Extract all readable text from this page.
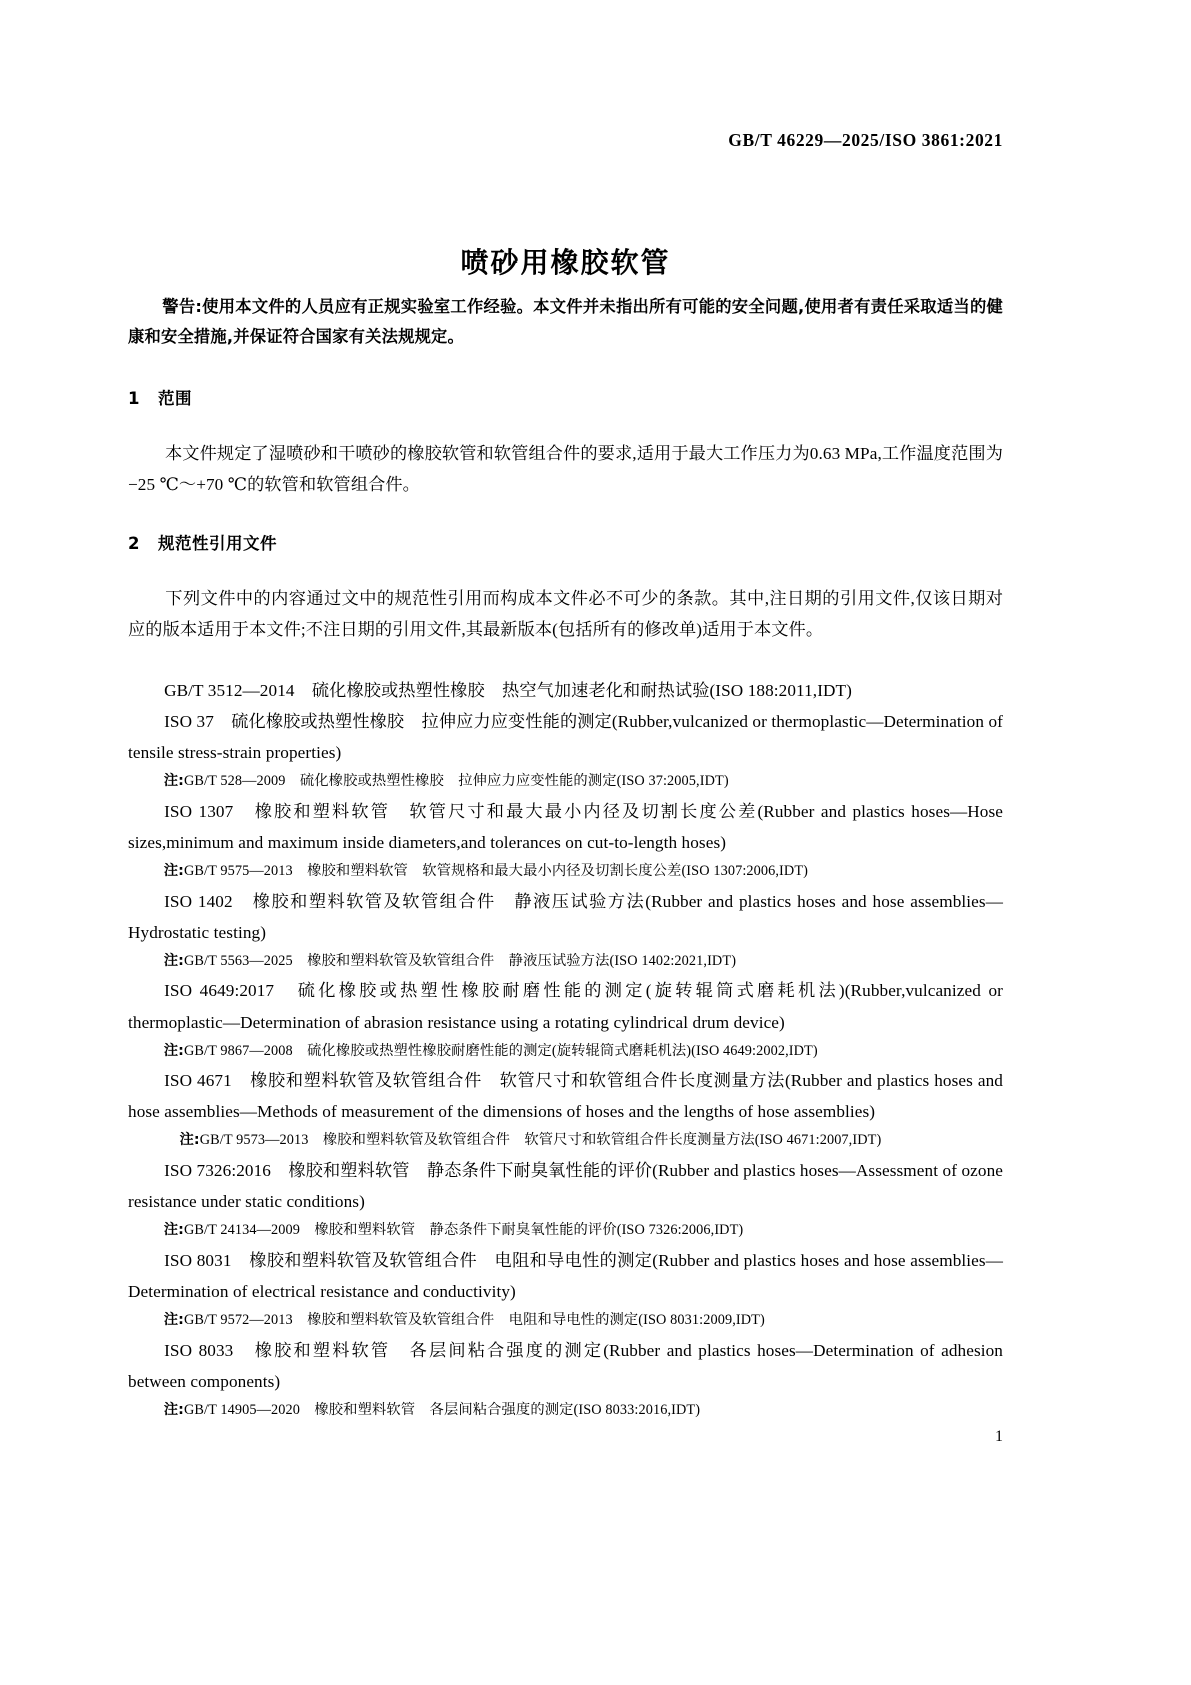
GB/T 46229—2025/ISO 3861:2021
喷砂用橡胶软管
警告:使用本文件的人员应有正规实验室工作经验。本文件并未指出所有可能的安全问题,使用者有责任采取适当的健康和安全措施,并保证符合国家有关法规规定。
1 范围
本文件规定了湿喷砂和干喷砂的橡胶软管和软管组合件的要求,适用于最大工作压力为0.63 MPa,工作温度范围为−25 ℃～+70 ℃的软管和软管组合件。
2 规范性引用文件
下列文件中的内容通过文中的规范性引用而构成本文件必不可少的条款。其中,注日期的引用文件,仅该日期对应的版本适用于本文件;不注日期的引用文件,其最新版本(包括所有的修改单)适用于本文件。
GB/T 3512—2014　硫化橡胶或热塑性橡胶　热空气加速老化和耐热试验(ISO 188:2011,IDT)
ISO 37　硫化橡胶或热塑性橡胶　拉伸应力应变性能的测定(Rubber,vulcanized or thermoplastic—Determination of tensile stress-strain properties)
注:GB/T 528—2009　硫化橡胶或热塑性橡胶　拉伸应力应变性能的测定(ISO 37:2005,IDT)
ISO 1307　橡胶和塑料软管　软管尺寸和最大最小内径及切割长度公差(Rubber and plastics hoses—Hose sizes,minimum and maximum inside diameters,and tolerances on cut-to-length hoses)
注:GB/T 9575—2013　橡胶和塑料软管　软管规格和最大最小内径及切割长度公差(ISO 1307:2006,IDT)
ISO 1402　橡胶和塑料软管及软管组合件　静液压试验方法(Rubber and plastics hoses and hose assemblies—Hydrostatic testing)
注:GB/T 5563—2025　橡胶和塑料软管及软管组合件　静液压试验方法(ISO 1402:2021,IDT)
ISO 4649:2017　硫化橡胶或热塑性橡胶耐磨性能的测定(旋转辊筒式磨耗机法)(Rubber,vulcanized or thermoplastic—Determination of abrasion resistance using a rotating cylindrical drum device)
注:GB/T 9867—2008　硫化橡胶或热塑性橡胶耐磨性能的测定(旋转辊筒式磨耗机法)(ISO 4649:2002,IDT)
ISO 4671　橡胶和塑料软管及软管组合件　软管尺寸和软管组合件长度测量方法(Rubber and plastics hoses and hose assemblies—Methods of measurement of the dimensions of hoses and the lengths of hose assemblies)
注:GB/T 9573—2013　橡胶和塑料软管及软管组合件　软管尺寸和软管组合件长度测量方法(ISO 4671:2007,IDT)
ISO 7326:2016　橡胶和塑料软管　静态条件下耐臭氧性能的评价(Rubber and plastics hoses—Assessment of ozone resistance under static conditions)
注:GB/T 24134—2009　橡胶和塑料软管　静态条件下耐臭氧性能的评价(ISO 7326:2006,IDT)
ISO 8031　橡胶和塑料软管及软管组合件　电阻和导电性的测定(Rubber and plastics hoses and hose assemblies—Determination of electrical resistance and conductivity)
注:GB/T 9572—2013　橡胶和塑料软管及软管组合件　电阻和导电性的测定(ISO 8031:2009,IDT)
ISO 8033　橡胶和塑料软管　各层间粘合强度的测定(Rubber and plastics hoses—Determination of adhesion between components)
注:GB/T 14905—2020　橡胶和塑料软管　各层间粘合强度的测定(ISO 8033:2016,IDT)
1
